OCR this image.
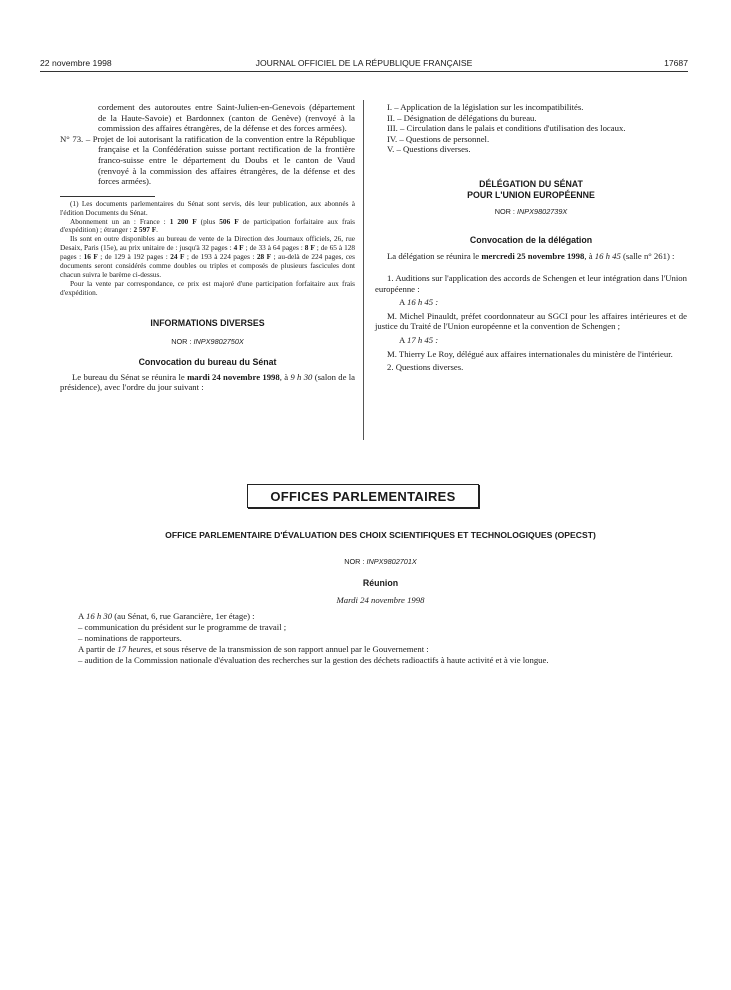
22 novembre 1998	JOURNAL OFFICIEL DE LA RÉPUBLIQUE FRANÇAISE	17687

cordement des autoroutes entre Saint-Julien-en-Genevois (département de la Haute-Savoie) et Bardonnex (canton de Genève) (renvoyé à la commission des affaires étrangères, de la défense et des forces armées).

N° 73. – Projet de loi autorisant la ratification de la convention entre la République française et la Confédération suisse portant rectification de la frontière franco-suisse entre le département du Doubs et le canton de Vaud (renvoyé à la commission des affaires étrangères, de la défense et des forces armées).

(1) Les documents parlementaires du Sénat sont servis, dès leur publication, aux abonnés à l'édition Documents du Sénat.

Abonnement un an : France : 1 200 F (plus 506 F de participation forfaitaire aux frais d'expédition) ; étranger : 2 597 F.

Ils sont en outre disponibles au bureau de vente de la Direction des Journaux officiels, 26, rue Desaix, Paris (15e), au prix unitaire de : jusqu'à 32 pages : 4 F ; de 33 à 64 pages : 8 F ; de 65 à 128 pages : 16 F ; de 129 à 192 pages : 24 F ; de 193 à 224 pages : 28 F ; au-delà de 224 pages, ces documents seront considérés comme doubles ou triples et composés de plusieurs fascicules dont chacun suivra le barème ci-dessus.

Pour la vente par correspondance, ce prix est majoré d'une participation forfaitaire aux frais d'expédition.

INFORMATIONS DIVERSES

NOR : INPX9802750X

Convocation du bureau du Sénat

Le bureau du Sénat se réunira le mardi 24 novembre 1998, à 9 h 30 (salon de la présidence), avec l'ordre du jour suivant :

I. – Application de la législation sur les incompatibilités.

II. – Désignation de délégations du bureau.

III. – Circulation dans le palais et conditions d'utilisation des locaux.

IV. – Questions de personnel.

V. – Questions diverses.

DÉLÉGATION DU SÉNAT

POUR L'UNION EUROPÉENNE

NOR : INPX9802739X

Convocation de la délégation

La délégation se réunira le mercredi 25 novembre 1998, à 16 h 45 (salle n° 261) :

1. Auditions sur l'application des accords de Schengen et leur intégration dans l'Union européenne :

A 16 h 45 :

M. Michel Pinauldt, préfet coordonnateur au SGCI pour les affaires intérieures et de justice du Traité de l'Union européenne et la convention de Schengen ;

A 17 h 45 :

M. Thierry Le Roy, délégué aux affaires internationales du ministère de l'intérieur.

2. Questions diverses.

OFFICES PARLEMENTAIRES

OFFICE PARLEMENTAIRE D'ÉVALUATION DES CHOIX SCIENTIFIQUES ET TECHNOLOGIQUES (OPECST)

NOR : INPX9802701X

Réunion

Mardi 24 novembre 1998

A 16 h 30 (au Sénat, 6, rue Garancière, 1er étage) :

– communication du président sur le programme de travail ;

– nominations de rapporteurs.

A partir de 17 heures, et sous réserve de la transmission de son rapport annuel par le Gouvernement :

– audition de la Commission nationale d'évaluation des recherches sur la gestion des déchets radioactifs à haute activité et à vie longue.
